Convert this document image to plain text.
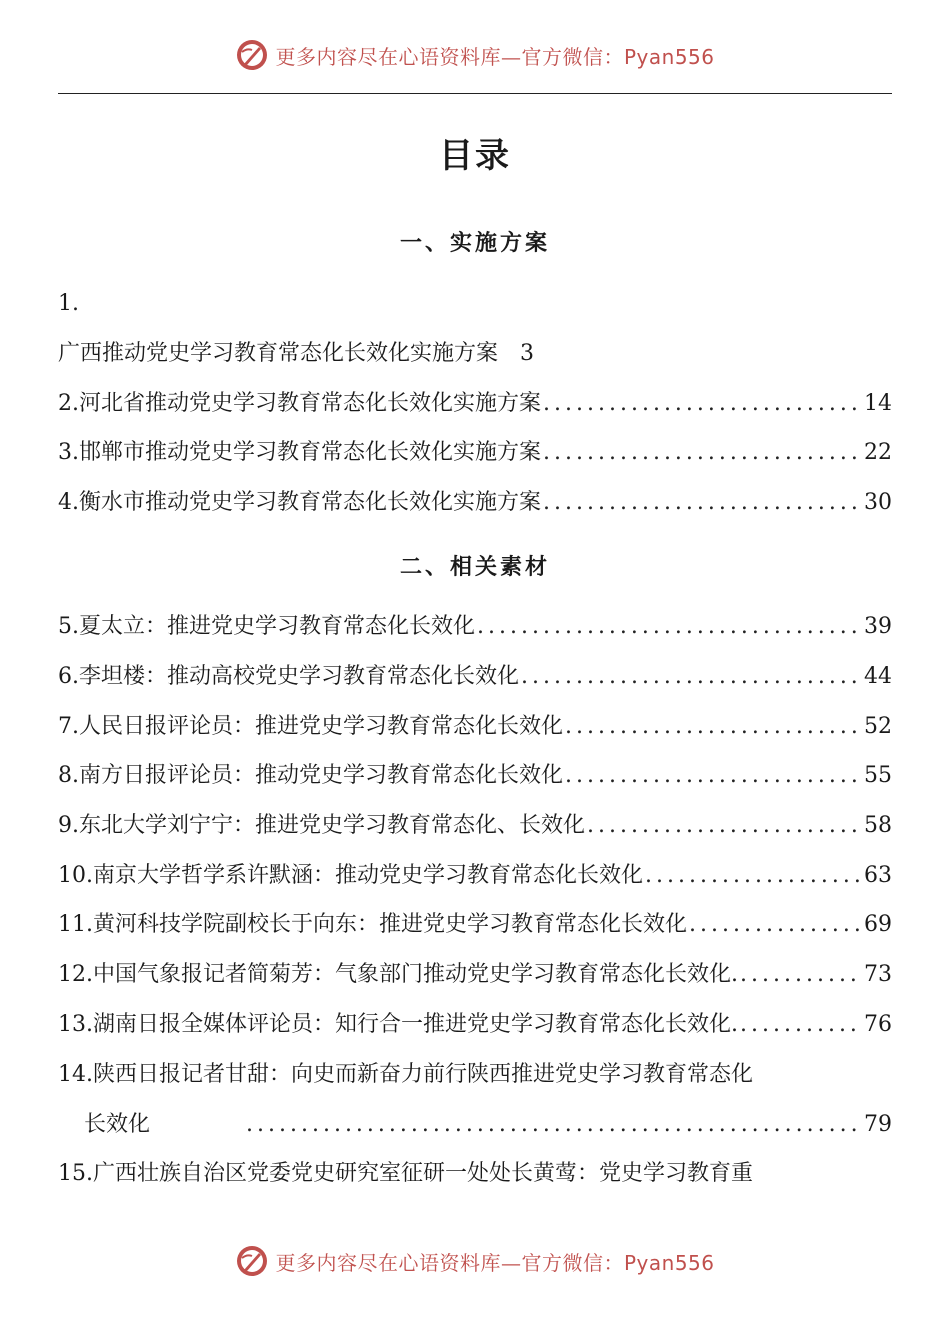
更多内容尽在心语资料库—官方微信：Pyan556
目录
一、实施方案
1.
广西推动党史学习教育常态化长效化实施方案 3
2.河北省推动党史学习教育常态化长效化实施方案 .....	14
3.邯郸市推动党史学习教育常态化长效化实施方案 .....	22
4.衡水市推动党史学习教育常态化长效化实施方案 .....	30
二、相关素材
5.夏太立：推进党史学习教育常态化长效化 .....	39
6.李坦楼：推动高校党史学习教育常态化长效化 .....	44
7.人民日报评论员：推进党史学习教育常态化长效化 .....	52
8.南方日报评论员：推动党史学习教育常态化长效化 .....	55
9.东北大学刘宁宁：推进党史学习教育常态化、长效化 .....	58
10.南京大学哲学系许默涵：推动党史学习教育常态化长效化 .....	63
11.黄河科技学院副校长于向东：推进党史学习教育常态化长效化 .....	69
12.中国气象报记者简菊芳：气象部门推动党史学习教育常态化长效化. .....	73
13.湖南日报全媒体评论员：知行合一推进党史学习教育常态化长效化. .....	76
14.陕西日报记者甘甜：向史而新奋力前行陕西推进党史学习教育常态化
长效化 .....	79
15.广西壮族自治区党委党史研究室征研一处处长黄莺：党史学习教育重
更多内容尽在心语资料库—官方微信：Pyan556
